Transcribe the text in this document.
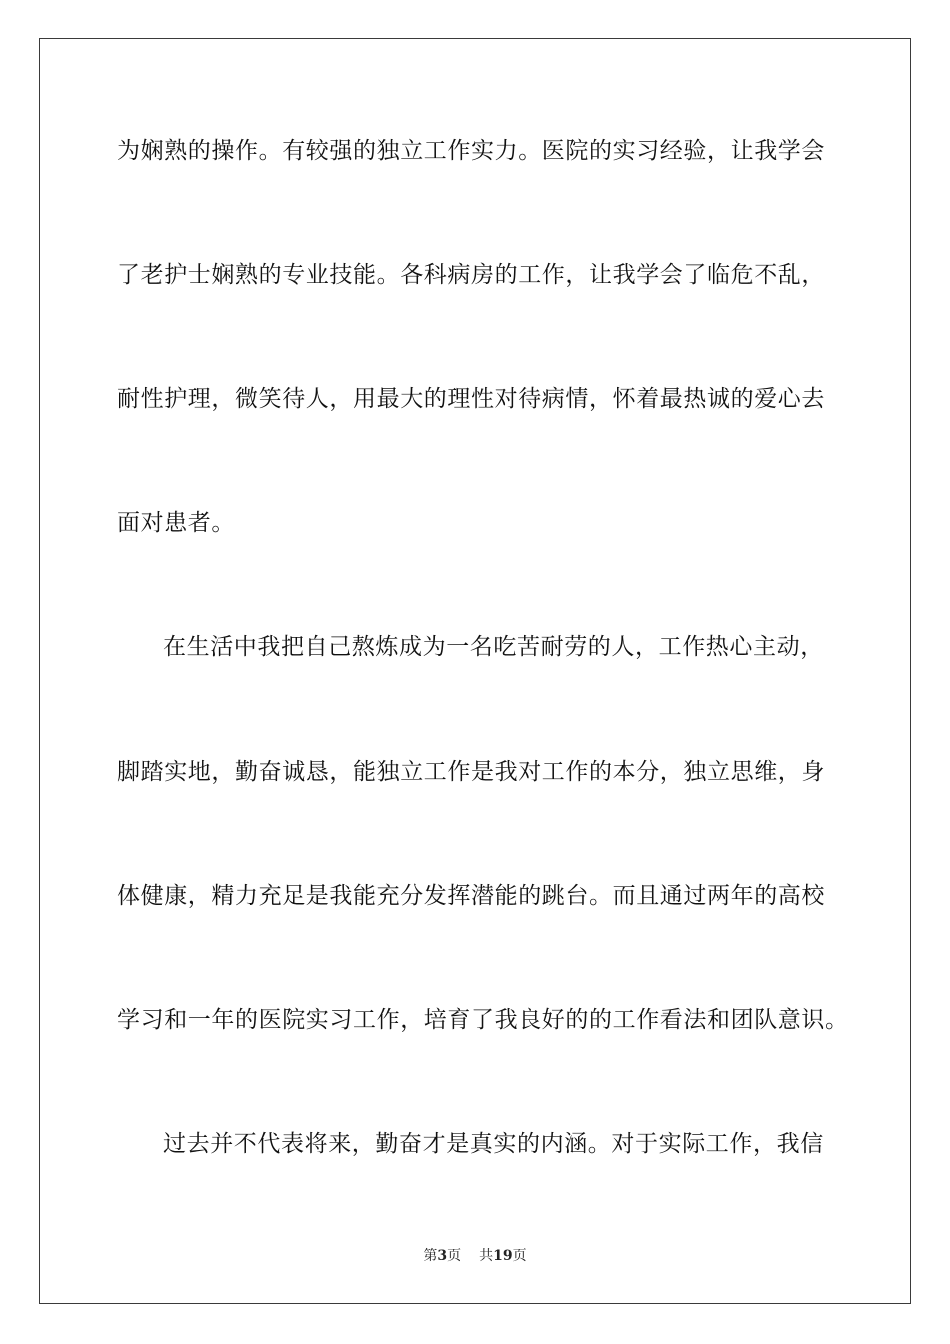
为娴熟的操作。有较强的独立工作实力。医院的实习经验，让我学会
了老护士娴熟的专业技能。各科病房的工作，让我学会了临危不乱，
耐性护理，微笑待人，用最大的理性对待病情，怀着最热诚的爱心去
面对患者。
在生活中我把自己熬炼成为一名吃苦耐劳的人，工作热心主动，
脚踏实地，勤奋诚恳，能独立工作是我对工作的本分，独立思维，身
体健康，精力充足是我能充分发挥潜能的跳台。而且通过两年的高校
学习和一年的医院实习工作，培育了我良好的的工作看法和团队意识。
过去并不代表将来，勤奋才是真实的内涵。对于实际工作，我信
第3页 共19页
